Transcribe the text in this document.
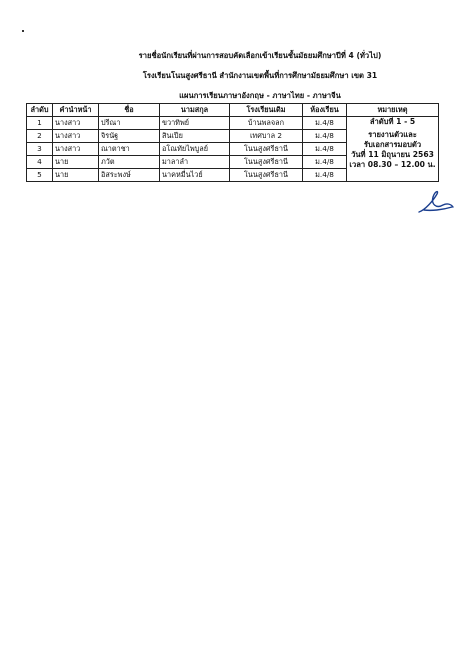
รายชื่อนักเรียนที่ผ่านการสอบคัดเลือกเข้าเรียนชั้นมัธยมศึกษาปีที่ 4 (ทั่วไป)
โรงเรียนโนนสูงศรีธานี สำนักงานเขตพื้นที่การศึกษามัธยมศึกษา เขต 31
แผนการเรียนภาษาอังกฤษ - ภาษาไทย - ภาษาจีน
ลำดับ	คำนำหน้า	ชื่อ	นามสกุล	โรงเรียนเดิม	ห้องเรียน	หมายเหตุ
1	นางสาว	ปรีณา	ขวาทิพย์	บ้านพลจลก	ม.4/8	ลำดับที่ 1 - 5
รายงานตัวและ
รับเอกสารมอบตัว
วันที่ 11 มิถุนายน 2563
เวลา 08.30 – 12.00 น.

2	นางสาว	จิรนัฐ	สินเปีย	เทศบาล 2	ม.4/8	
3	นางสาว	ณาตาชา	อโณทัยไพบูลย์	โนนสูงศรีธานี	ม.4/8	
4	นาย	ภวัต	มาลาลำ	โนนสูงศรีธานี	ม.4/8	
5	นาย	อิสระพงษ์	นาคหมื่นไวย์	โนนสูงศรีธานี	ม.4/8	
